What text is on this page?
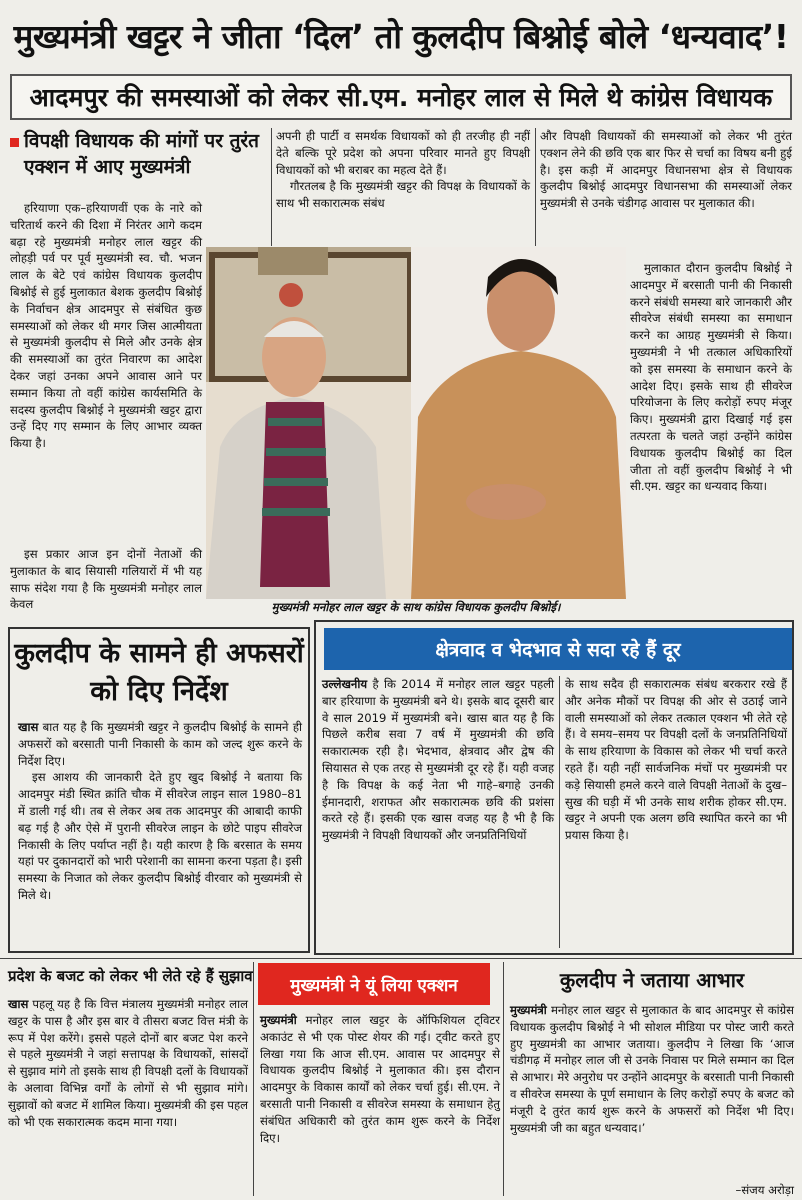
मुख्यमंत्री खट्टर ने जीता ‘दिल’ तो कुलदीप बिश्नोई बोले ‘धन्यवाद’!
आदमपुर की समस्याओं को लेकर सी.एम. मनोहर लाल से मिले थे कांग्रेस विधायक
विपक्षी विधायक की मांगों पर तुरंत एक्शन में आए मुख्यमंत्री

हरियाणा एक–हरियाणवीं एक के नारे को चरितार्थ करने की दिशा में निरंतर आगे कदम बढ़ा रहे मुख्यमंत्री मनोहर लाल खट्टर की लोहड़ी पर्व पर पूर्व मुख्यमंत्री स्व. चौ. भजन लाल के बेटे एवं कांग्रेस विधायक कुलदीप बिश्नोई से हुई मुलाकात बेशक कुलदीप बिश्नोई के निर्वाचन क्षेत्र आदमपुर से संबंधित कुछ समस्याओं को लेकर थी मगर जिस आत्मीयता से मुख्यमंत्री कुलदीप से मिले और उनके क्षेत्र की समस्याओं का तुरंत निवारण का आदेश देकर जहां उनका अपने आवास आने पर सम्मान किया तो वहीं कांग्रेस कार्यसमिति के सदस्य कुलदीप बिश्नोई ने मुख्यमंत्री खट्टर द्वारा उन्हें दिए गए सम्मान के लिए आभार व्यक्त किया है।

इस प्रकार आज इन दोनों नेताओं की मुलाकात के बाद सियासी गलियारों में भी यह साफ संदेश गया है कि मुख्यमंत्री मनोहर लाल केवल

अपनी ही पार्टी व समर्थक विधायकों को ही तरजीह ही नहीं देते बल्कि पूरे प्रदेश को अपना परिवार मानते हुए विपक्षी विधायकों को भी बराबर का महत्व देते हैं।

गौरतलब है कि मुख्यमंत्री खट्टर की विपक्ष के विधायकों के साथ भी सकारात्मक संबंध

और विपक्षी विधायकों की समस्याओं को लेकर भी तुरंत एक्शन लेने की छवि एक बार फिर से चर्चा का विषय बनी हुई है। इस कड़ी में आदमपुर विधानसभा क्षेत्र से विधायक कुलदीप बिश्नोई आदमपुर विधानसभा की समस्याओं लेकर मुख्यमंत्री से उनके चंडीगढ़ आवास पर मुलाकात की।

मुलाकात दौरान कुलदीप बिश्नोई ने आदमपुर में बरसाती पानी की निकासी करने संबंधी समस्या बारे जानकारी और सीवरेज संबंधी समस्या का समाधान करने का आग्रह मुख्यमंत्री से किया। मुख्यमंत्री ने भी तत्काल अधिकारियों को इस समस्या के समाधान करने के आदेश दिए। इसके साथ ही सीवरेज परियोजना के लिए करोड़ों रुपए मंजूर किए। मुख्यमंत्री द्वारा दिखाई गई इस तत्परता के चलते जहां उन्होंने कांग्रेस विधायक कुलदीप बिश्नोई का दिल जीता तो वहीं कुलदीप बिश्नोई ने भी सी.एम. खट्टर का धन्यवाद किया।

मुख्यमंत्री मनोहर लाल खट्टर के साथ कांग्रेस विधायक कुलदीप बिश्नोई।
कुलदीप के सामने ही अफसरों को दिए निर्देश

खास बात यह है कि मुख्यमंत्री खट्टर ने कुलदीप बिश्नोई के सामने ही अफसरों को बरसाती पानी निकासी के काम को जल्द शुरू करने के निर्देश दिए।

इस आशय की जानकारी देते हुए खुद बिश्नोई ने बताया कि आदमपुर मंडी स्थित क्रांति चौक में सीवरेज लाइन साल 1980–81 में डाली गई थी। तब से लेकर अब तक आदमपुर की आबादी काफी बढ़ गई है और ऐसे में पुरानी सीवरेज लाइन के छोटे पाइप सीवरेज निकासी के लिए पर्याप्त नहीं है। यही कारण है कि बरसात के समय यहां पर दुकानदारों को भारी परेशानी का सामना करना पड़ता है। इसी समस्या के निजात को लेकर कुलदीप बिश्नोई वीरवार को मुख्यमंत्री से मिले थे।

क्षेत्रवाद व भेदभाव से सदा रहे हैं दूर

उल्लेखनीय है कि 2014 में मनोहर लाल खट्टर पहली बार हरियाणा के मुख्यमंत्री बने थे। इसके बाद दूसरी बार वे साल 2019 में मुख्यमंत्री बने। खास बात यह है कि पिछले करीब सवा 7 वर्ष में मुख्यमंत्री की छवि सकारात्मक रही है। भेदभाव, क्षेत्रवाद और द्वेष की सियासत से एक तरह से मुख्यमंत्री दूर रहे हैं। यही वजह है कि विपक्ष के कई नेता भी गाहे–बगाहे उनकी ईमानदारी, शराफत और सकारात्मक छवि की प्रशंसा करते रहे हैं। इसकी एक खास वजह यह है भी है कि मुख्यमंत्री ने विपक्षी विधायकों और जनप्रतिनिधियों

के साथ सदैव ही सकारात्मक संबंध बरकरार रखे हैं और अनेक मौकों पर विपक्ष की ओर से उठाई जाने वाली समस्याओं को लेकर तत्काल एक्शन भी लेते रहे हैं। वे समय–समय पर विपक्षी दलों के जनप्रतिनिधियों के साथ हरियाणा के विकास को लेकर भी चर्चा करते रहते हैं। यही नहीं सार्वजनिक मंचों पर मुख्यमंत्री पर कड़े सियासी हमले करने वाले विपक्षी नेताओं के दुख–सुख की घड़ी में भी उनके साथ शरीक होकर सी.एम. खट्टर ने अपनी एक अलग छवि स्थापित करने का भी प्रयास किया है।

प्रदेश के बजट को लेकर भी लेते रहे हैं सुझाव

खास पहलू यह है कि वित्त मंत्रालय मुख्यमंत्री मनोहर लाल खट्टर के पास है और इस बार वे तीसरा बजट वित्त मंत्री के रूप में पेश करेंगे। इससे पहले दोनों बार बजट पेश करने से पहले मुख्यमंत्री ने जहां सत्तापक्ष के विधायकों, सांसदों से सुझाव मांगे तो इसके साथ ही विपक्षी दलों के विधायकों के अलावा विभिन्न वर्गों के लोगों से भी सुझाव मांगे। सुझावों को बजट में शामिल किया। मुख्यमंत्री की इस पहल को भी एक सकारात्मक कदम माना गया।

मुख्यमंत्री ने यूं लिया एक्शन

मुख्यमंत्री मनोहर लाल खट्टर के ऑफिशियल ट्विटर अकाउंट से भी एक पोस्ट शेयर की गई। ट्वीट करते हुए लिखा गया कि आज सी.एम. आवास पर आदमपुर से विधायक कुलदीप बिश्नोई ने मुलाकात की। इस दौरान आदमपुर के विकास कार्यों को लेकर चर्चा हुई। सी.एम. ने बरसाती पानी निकासी व सीवरेज समस्या के समाधान हेतु संबंधित अधिकारी को तुरंत काम शुरू करने के निर्देश दिए।

कुलदीप ने जताया आभार

मुख्यमंत्री मनोहर लाल खट्टर से मुलाकात के बाद आदमपुर से कांग्रेस विधायक कुलदीप बिश्नोई ने भी सोशल मीडिया पर पोस्ट जारी करते हुए मुख्यमंत्री का आभार जताया। कुलदीप ने लिखा कि ‘आज चंडीगढ़ में मनोहर लाल जी से उनके निवास पर मिले सम्मान का दिल से आभार। मेरे अनुरोध पर उन्होंने आदमपुर के बरसाती पानी निकासी व सीवरेज समस्या के पूर्ण समाधान के लिए करोड़ों रुपए के बजट को मंजूरी दे तुरंत कार्य शुरू करने के अफसरों को निर्देश भी दिए। मुख्यमंत्री जी का बहुत धन्यवाद।’

–संजय अरोड़ा
